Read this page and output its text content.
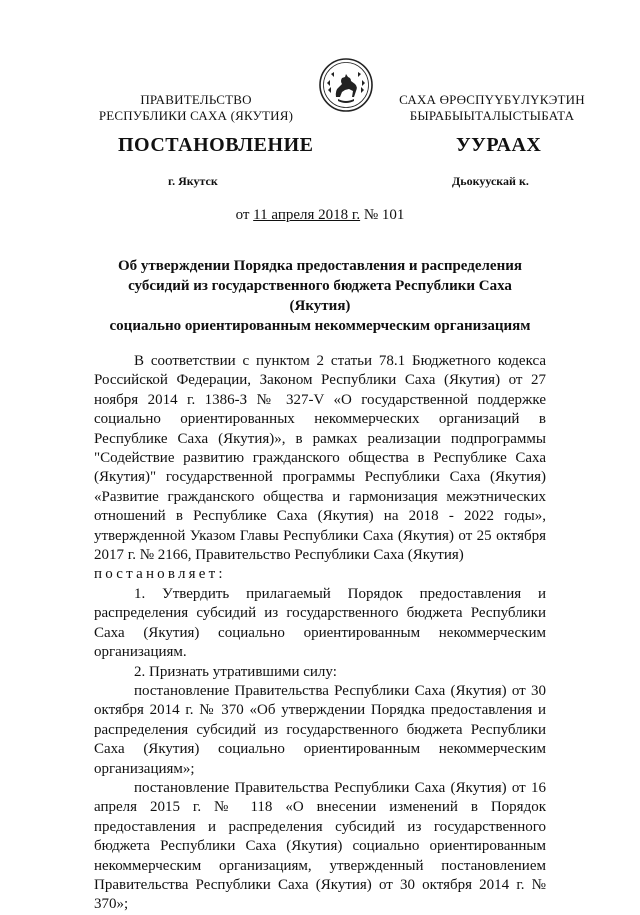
ПРАВИТЕЛЬСТВО
РЕСПУБЛИКИ САХА (ЯКУТИЯ)
САХА ӨРӨСПҮҮБҮЛҮКЭТИН
БЫРАБЫЫТАЛЫСТЫБАТА
ПОСТАНОВЛЕНИЕ	УУРААХ
г. Якутск	Дьокуускай к.
от 11 апреля 2018 г. № 101
Об утверждении Порядка предоставления и распределения
субсидий из государственного бюджета Республики Саха (Якутия)
социально ориентированным некоммерческим организациям

В соответствии с пунктом 2 статьи 78.1 Бюджетного кодекса Российской Федерации, Законом Республики Саха (Якутия) от 27 ноября 2014 г. 1386-З № 327-V «О государственной поддержке социально ориентированных некоммерческих организаций в Республике Саха (Якутия)», в рамках реализации подпрограммы "Содействие развитию гражданского общества в Республике Саха (Якутия)" государственной программы Республики Саха (Якутия) «Развитие гражданского общества и гармонизация межэтнических отношений в Республике Саха (Якутия) на 2018 - 2022 годы», утвержденной Указом Главы Республики Саха (Якутия) от 25 октября 2017 г. № 2166, Правительство Республики Саха (Якутия)

постановляет:

1. Утвердить прилагаемый Порядок предоставления и распределения субсидий из государственного бюджета Республики Саха (Якутия) социально ориентированным некоммерческим организациям.

2. Признать утратившими силу:

постановление Правительства Республики Саха (Якутия) от 30 октября 2014 г. № 370 «Об утверждении Порядка предоставления и распределения субсидий из государственного бюджета Республики Саха (Якутия) социально ориентированным некоммерческим организациям»;

постановление Правительства Республики Саха (Якутия) от 16 апреля 2015 г. № 118 «О внесении изменений в Порядок предоставления и распределения субсидий из государственного бюджета Республики Саха (Якутия) социально ориентированным некоммерческим организациям, утвержденный постановлением Правительства Республики Саха (Якутия) от 30 октября 2014 г. № 370»;
